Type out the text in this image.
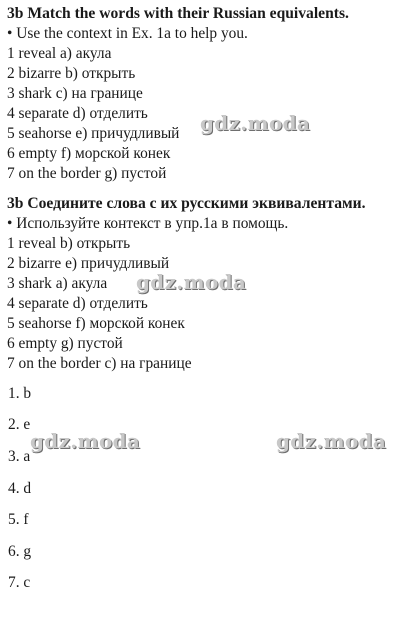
3b Match the words with their Russian equivalents.
• Use the context in Ex. 1a to help you.
1 reveal a) акула
2 bizarre b) открыть
3 shark c) на границе
4 separate d) отделить
5 seahorse e) причудливый
6 empty f) морской конек
7 on the border g) пустой
3b Соедините слова с их русскими эквивалентами.
• Используйте контекст в упр.1а в помощь.
1 reveal b) открыть
2 bizarre e) причудливый
3 shark a) акула
4 separate d) отделить
5 seahorse f) морской конек
6 empty g) пустой
7 on the border c) на границе
1. b
2. e
3. a
4. d
5. f
6. g
7. c
gdz.moda
gdz.moda
gdz.moda	gdz.moda
